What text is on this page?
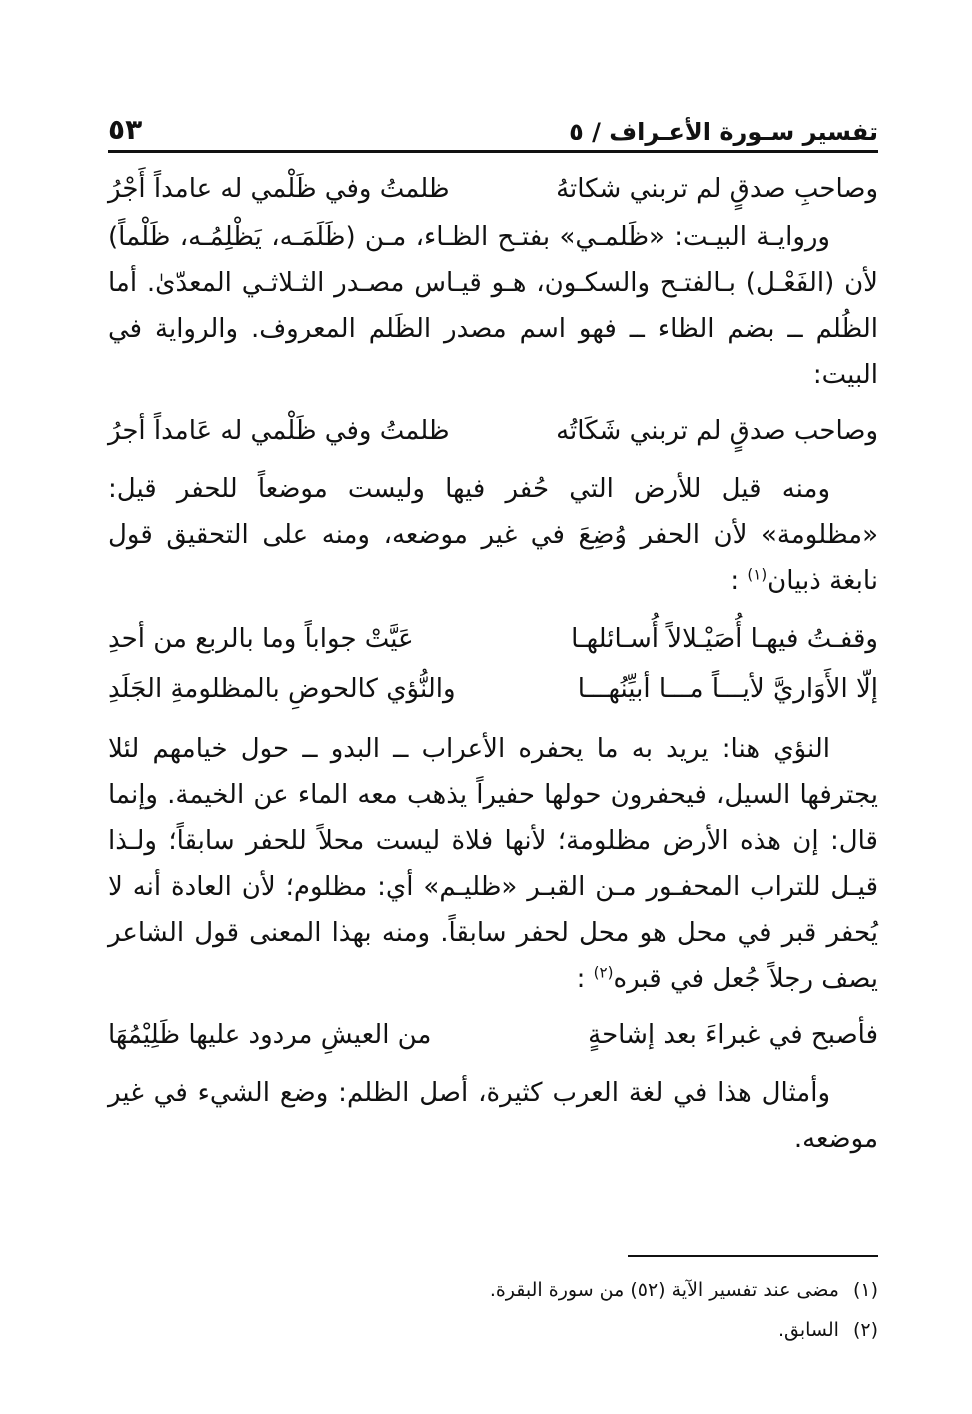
تفسير سـورة الأعـراف / ٥
٥٣
وصاحبِ صدقٍ لم تربني شكاتهُ
ظلمتُ وفي ظَلْمي له عامداً أَجْرُ

وروايـة البيـت: «ظَلمـي» بفتـح الظـاء، مـن (ظَلَمَـه، يَظْلِمُـه، ظَلْماً) لأن (الفَعْـل) بـالفتـح والسكـون، هـو قيـاس مصـدر الثـلاثـي المعدّىٰ. أما الظُلم ــ بضم الظاء ــ فهو اسم مصدر الظَلم المعروف. والرواية في البيت:

وصاحب صدقٍ لم تربني شَكَاتُه
ظلمتُ وفي ظَلْمي له عَامداً أجرُ

ومنه قيل للأرض التي حُفر فيها وليست موضعاً للحفر قيل: «مظلومة» لأن الحفر وُضِعَ في غير موضعه، ومنه على التحقيق قول نابغة ذبيان$^{(١)}$ :

وقفـتُ فيهـا أُصَيْـلالاً أُسـائلهـا
عَيَّتْ جواباً وما بالربع من أحدِ
إلّا الأَوَاريَّ لأيـــاً مـــا أبيِّنُهـــا
والنُّؤي كالحوضِ بالمظلومةِ الجَلَدِ

النؤي هنا: يريد به ما يحفره الأعراب ــ البدو ــ حول خيامهم لئلا يجترفها السيل، فيحفرون حولها حفيراً يذهب معه الماء عن الخيمة. وإنما قال: إن هذه الأرض مظلومة؛ لأنها فلاة ليست محلاً للحفر سابقاً؛ ولـذا قيـل للتراب المحفـور مـن القبـر «ظليـم» أي: مظلوم؛ لأن العادة أنه لا يُحفر قبر في محل هو محل لحفر سابقاً. ومنه بهذا المعنى قول الشاعر يصف رجلاً جُعل في قبره$^{(٢)}$ :

فأصبح في غبراءَ بعد إشاحةٍ
من العيشِ مردود عليها ظَلِيْمُهَا

وأمثال هذا في لغة العرب كثيرة، أصل الظلم: وضع الشيء في غير موضعه.

(١)مضى عند تفسير الآية (٥٢) من سورة البقرة.
(٢)السابق.
